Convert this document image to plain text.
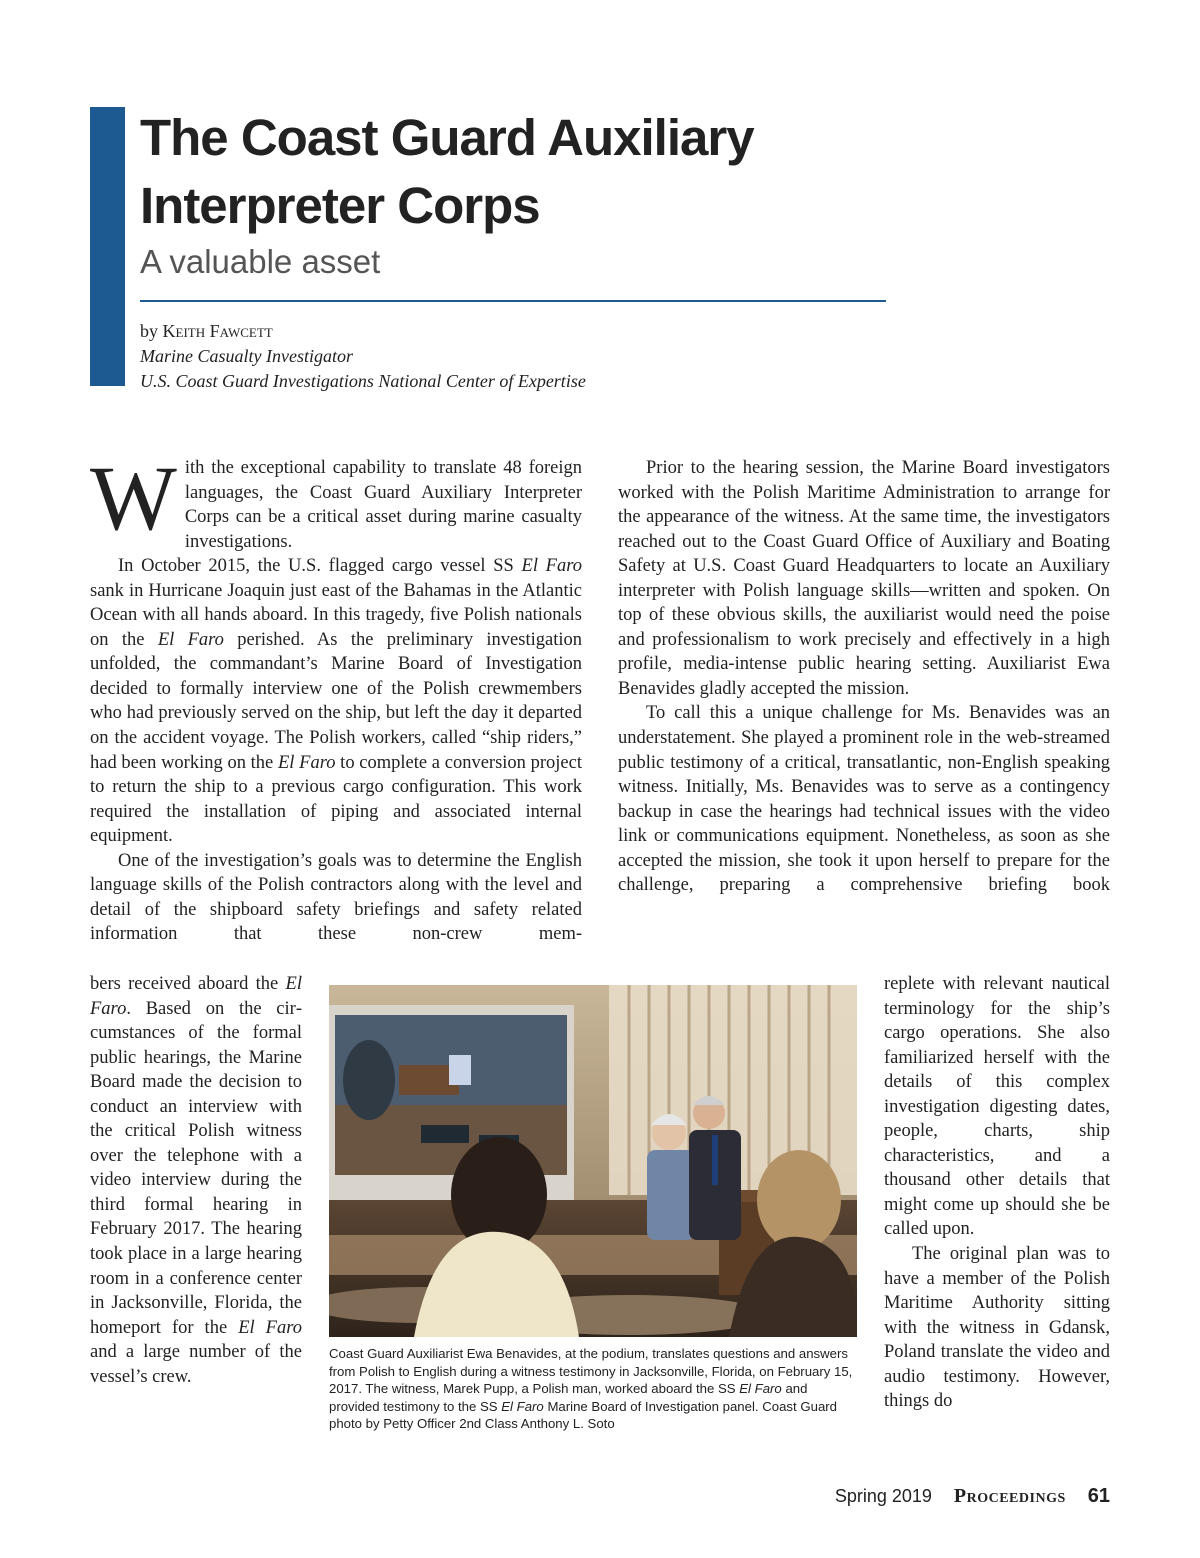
The Coast Guard Auxiliary
Interpreter Corps
A valuable asset
by Keith Fawcett
Marine Casualty Investigator
U.S. Coast Guard Investigations National Center of Expertise

With the exceptional capability to translate 48 foreign languages, the Coast Guard Auxiliary Interpreter Corps can be a critical asset during marine casualty investigations.

In October 2015, the U.S. flagged cargo vessel SS El Faro sank in Hurricane Joaquin just east of the Bahamas in the Atlantic Ocean with all hands aboard. In this tragedy, five Polish nationals on the El Faro perished. As the preliminary investigation unfolded, the commandant’s Marine Board of Investigation decided to formally interview one of the Polish crewmembers who had previously served on the ship, but left the day it departed on the accident voyage. The Polish workers, called “ship riders,” had been working on the El Faro to complete a conversion project to return the ship to a previous cargo configuration. This work required the installation of piping and associated internal equipment.

One of the investigation’s goals was to determine the English language skills of the Polish contractors along with the level and detail of the shipboard safety briefings and safety related information that these non-crew mem-

bers received aboard the El Faro. Based on the circumstances of the formal public hearings, the Marine Board made the decision to conduct an interview with the critical Polish witness over the telephone with a video interview during the third formal hearing in February 2017. The hearing took place in a large hearing room in a conference center in Jacksonville, Florida, the homeport for the El Faro and a large number of the vessel’s crew.

Prior to the hearing session, the Marine Board investigators worked with the Polish Maritime Administration to arrange for the appearance of the witness. At the same time, the investigators reached out to the Coast Guard Office of Auxiliary and Boating Safety at U.S. Coast Guard Headquarters to locate an Auxiliary interpreter with Polish language skills—written and spoken. On top of these obvious skills, the auxiliarist would need the poise and professionalism to work precisely and effectively in a high profile, media-intense public hearing setting. Auxiliarist Ewa Benavides gladly accepted the mission.

To call this a unique challenge for Ms. Benavides was an understatement. She played a prominent role in the web-streamed public testimony of a critical, transatlantic, non-English speaking witness. Initially, Ms. Benavides was to serve as a contingency backup in case the hearings had technical issues with the video link or communications equipment. Nonetheless, as soon as she accepted the mission, she took it upon herself to prepare for the challenge, preparing a comprehensive briefing book

replete with relevant nautical terminology for the ship’s cargo operations. She also familiarized herself with the details of this complex investigation digesting dates, people, charts, ship characteristics, and a thousand other details that might come up should she be called upon.

The original plan was to have a member of the Polish Maritime Authority sitting with the witness in Gdansk, Poland translate the video and audio testimony. However, things do

Coast Guard Auxiliarist Ewa Benavides, at the podium, translates questions and answers from Polish to English during a witness testimony in Jacksonville, Florida, on February 15, 2017. The witness, Marek Pupp, a Polish man, worked aboard the SS El Faro and provided testimony to the SS El Faro Marine Board of Investigation panel. Coast Guard photo by Petty Officer 2nd Class Anthony L. Soto
Spring 2019 Proceedings 61
